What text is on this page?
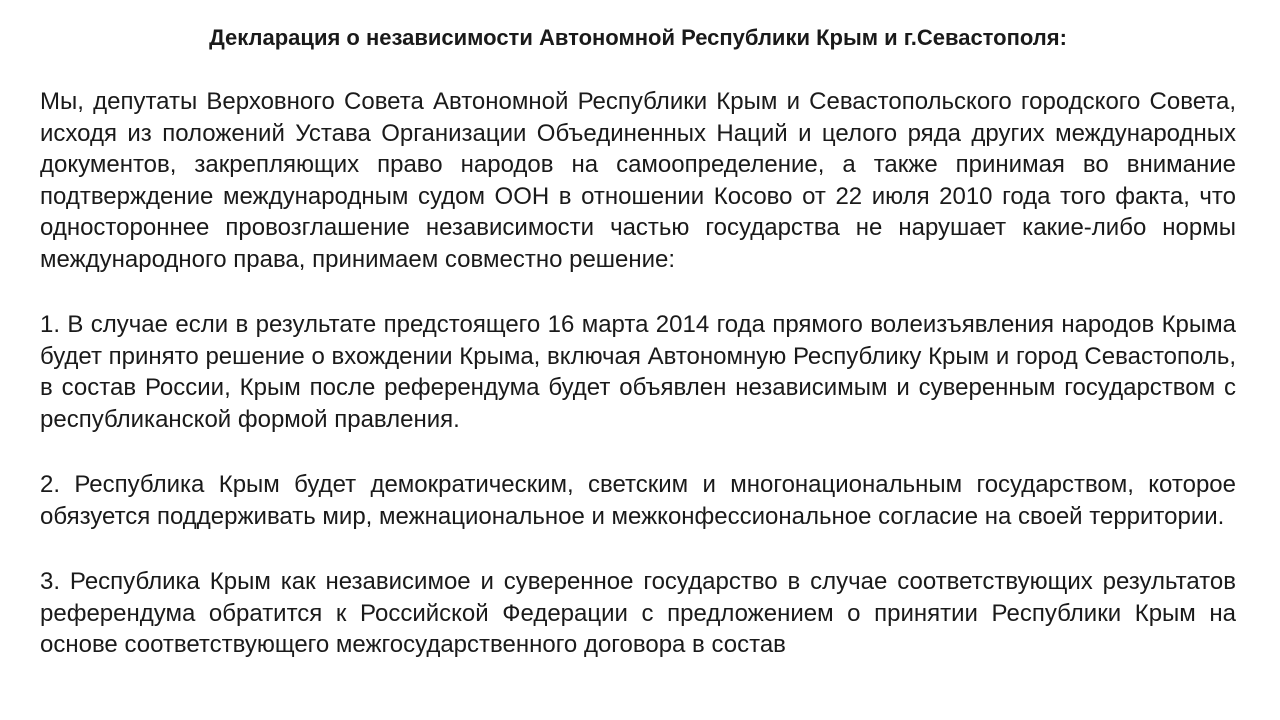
Декларация о независимости Автономной Республики Крым и г.Севастополя:

Мы, депутаты Верховного Совета Автономной Республики Крым и Севастопольского городского Совета, исходя из положений Устава Организации Объединенных Наций и целого ряда других международных документов, закрепляющих право народов на самоопределение, а также принимая во внимание подтверждение международным судом ООН в отношении Косово от 22 июля 2010 года того факта, что одностороннее провозглашение независимости частью государства не нарушает какие-либо нормы международного права, принимаем совместно решение:

1. В случае если в результате предстоящего 16 марта 2014 года прямого волеизъявления народов Крыма будет принято решение о вхождении Крыма, включая Автономную Республику Крым и город Севастополь, в состав России, Крым после референдума будет объявлен независимым и суверенным государством с республиканской формой правления.

2. Республика Крым будет демократическим, светским и многонациональным государством, которое обязуется поддерживать мир, межнациональное и межконфессиональное согласие на своей территории.

3. Республика Крым как независимое и суверенное государство в случае соответствующих результатов референдума обратится к Российской Федерации с предложением о принятии Республики Крым на основе соответствующего межгосударственного договора в состав
